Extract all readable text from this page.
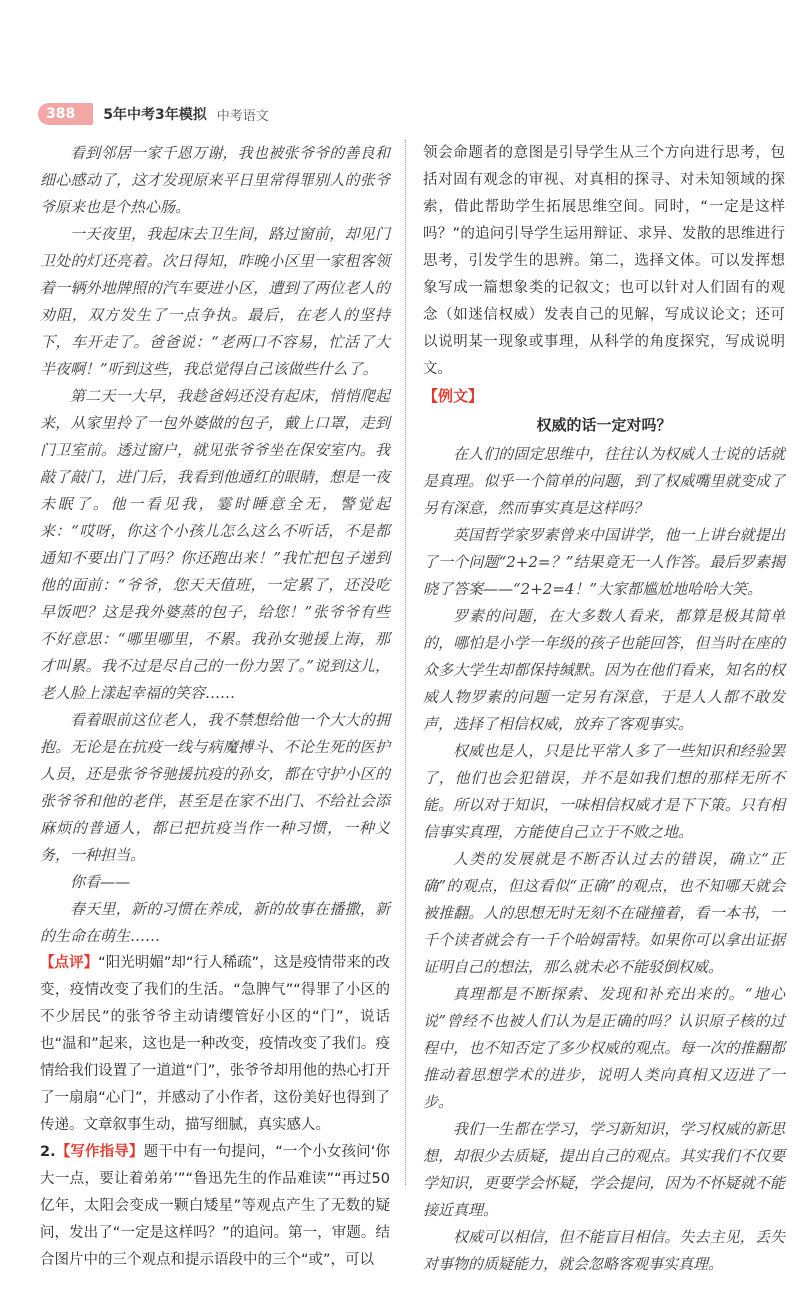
388	5年中考3年模拟 中考语文

看到邻居一家千恩万谢，我也被张爷爷的善良和细心感动了，这才发现原来平日里常得罪别人的张爷爷原来也是个热心肠。

一天夜里，我起床去卫生间，路过窗前，却见门卫处的灯还亮着。次日得知，昨晚小区里一家租客领着一辆外地牌照的汽车要进小区，遭到了两位老人的劝阻，双方发生了一点争执。最后，在老人的坚持下，车开走了。爸爸说：“老两口不容易，忙活了大半夜啊！”听到这些，我总觉得自己该做些什么了。

第二天一大早，我趁爸妈还没有起床，悄悄爬起来，从家里拎了一包外婆做的包子，戴上口罩，走到门卫室前。透过窗户，就见张爷爷坐在保安室内。我敲了敲门，进门后，我看到他通红的眼睛，想是一夜未眠了。他一看见我，霎时睡意全无，警觉起来：“哎呀，你这个小孩儿怎么这么不听话，不是都通知不要出门了吗？你还跑出来！”我忙把包子递到他的面前：“爷爷，您天天值班，一定累了，还没吃早饭吧？这是我外婆蒸的包子，给您！”张爷爷有些不好意思：“哪里哪里，不累。我孙女驰援上海，那才叫累。我不过是尽自己的一份力罢了。”说到这儿，老人脸上漾起幸福的笑容……

看着眼前这位老人，我不禁想给他一个大大的拥抱。无论是在抗疫一线与病魔搏斗、不论生死的医护人员，还是张爷爷驰援抗疫的孙女，都在守护小区的张爷爷和他的老伴，甚至是在家不出门、不给社会添麻烦的普通人，都已把抗疫当作一种习惯，一种义务，一种担当。

你看——

春天里，新的习惯在养成，新的故事在播撒，新的生命在萌生……

【点评】“阳光明媚”却“行人稀疏”，这是疫情带来的改变，疫情改变了我们的生活。“急脾气”“得罪了小区的不少居民”的张爷爷主动请缨管好小区的“门”，说话也“温和”起来，这也是一种改变，疫情改变了我们。疫情给我们设置了一道道“门”，张爷爷却用他的热心打开了一扇扇“心门”，并感动了小作者，这份美好也得到了传递。文章叙事生动，描写细腻，真实感人。

2.【写作指导】题干中有一句提问，“一个小女孩问‘你大一点，要让着弟弟’”“鲁迅先生的作品难读”“再过50亿年，太阳会变成一颗白矮星”等观点产生了无数的疑问，发出了“一定是这样吗？”的追问。第一，审题。结合图片中的三个观点和提示语段中的三个“或”，可以

领会命题者的意图是引导学生从三个方向进行思考，包括对固有观念的审视、对真相的探寻、对未知领域的探索，借此帮助学生拓展思维空间。同时，“一定是这样吗？”的追问引导学生运用辩证、求异、发散的思维进行思考，引发学生的思辨。第二，选择文体。可以发挥想象写成一篇想象类的记叙文；也可以针对人们固有的观念（如迷信权威）发表自己的见解，写成议论文；还可以说明某一现象或事理，从科学的角度探究，写成说明文。

【例文】

权威的话一定对吗？

在人们的固定思维中，往往认为权威人士说的话就是真理。似乎一个简单的问题，到了权威嘴里就变成了另有深意，然而事实真是这样吗？

英国哲学家罗素曾来中国讲学，他一上讲台就提出了一个问题“2+2=？”结果竟无一人作答。最后罗素揭晓了答案——“2+2=4！”大家都尴尬地哈哈大笑。

罗素的问题，在大多数人看来，都算是极其简单的，哪怕是小学一年级的孩子也能回答，但当时在座的众多大学生却都保持缄默。因为在他们看来，知名的权威人物罗素的问题一定另有深意，于是人人都不敢发声，选择了相信权威，放弃了客观事实。

权威也是人，只是比平常人多了一些知识和经验罢了，他们也会犯错误，并不是如我们想的那样无所不能。所以对于知识，一味相信权威才是下下策。只有相信事实真理，方能使自己立于不败之地。

人类的发展就是不断否认过去的错误，确立“正确”的观点，但这看似“正确”的观点，也不知哪天就会被推翻。人的思想无时无刻不在碰撞着，看一本书，一千个读者就会有一千个哈姆雷特。如果你可以拿出证据证明自己的想法，那么就未必不能驳倒权威。

真理都是不断探索、发现和补充出来的。“地心说”曾经不也被人们认为是正确的吗？认识原子核的过程中，也不知否定了多少权威的观点。每一次的推翻都推动着思想学术的进步，说明人类向真相又迈进了一步。

我们一生都在学习，学习新知识，学习权威的新思想，却很少去质疑，提出自己的观点。其实我们不仅要学知识，更要学会怀疑，学会提问，因为不怀疑就不能接近真理。

权威可以相信，但不能盲目相信。失去主见，丢失对事物的质疑能力，就会忽略客观事实真理。
